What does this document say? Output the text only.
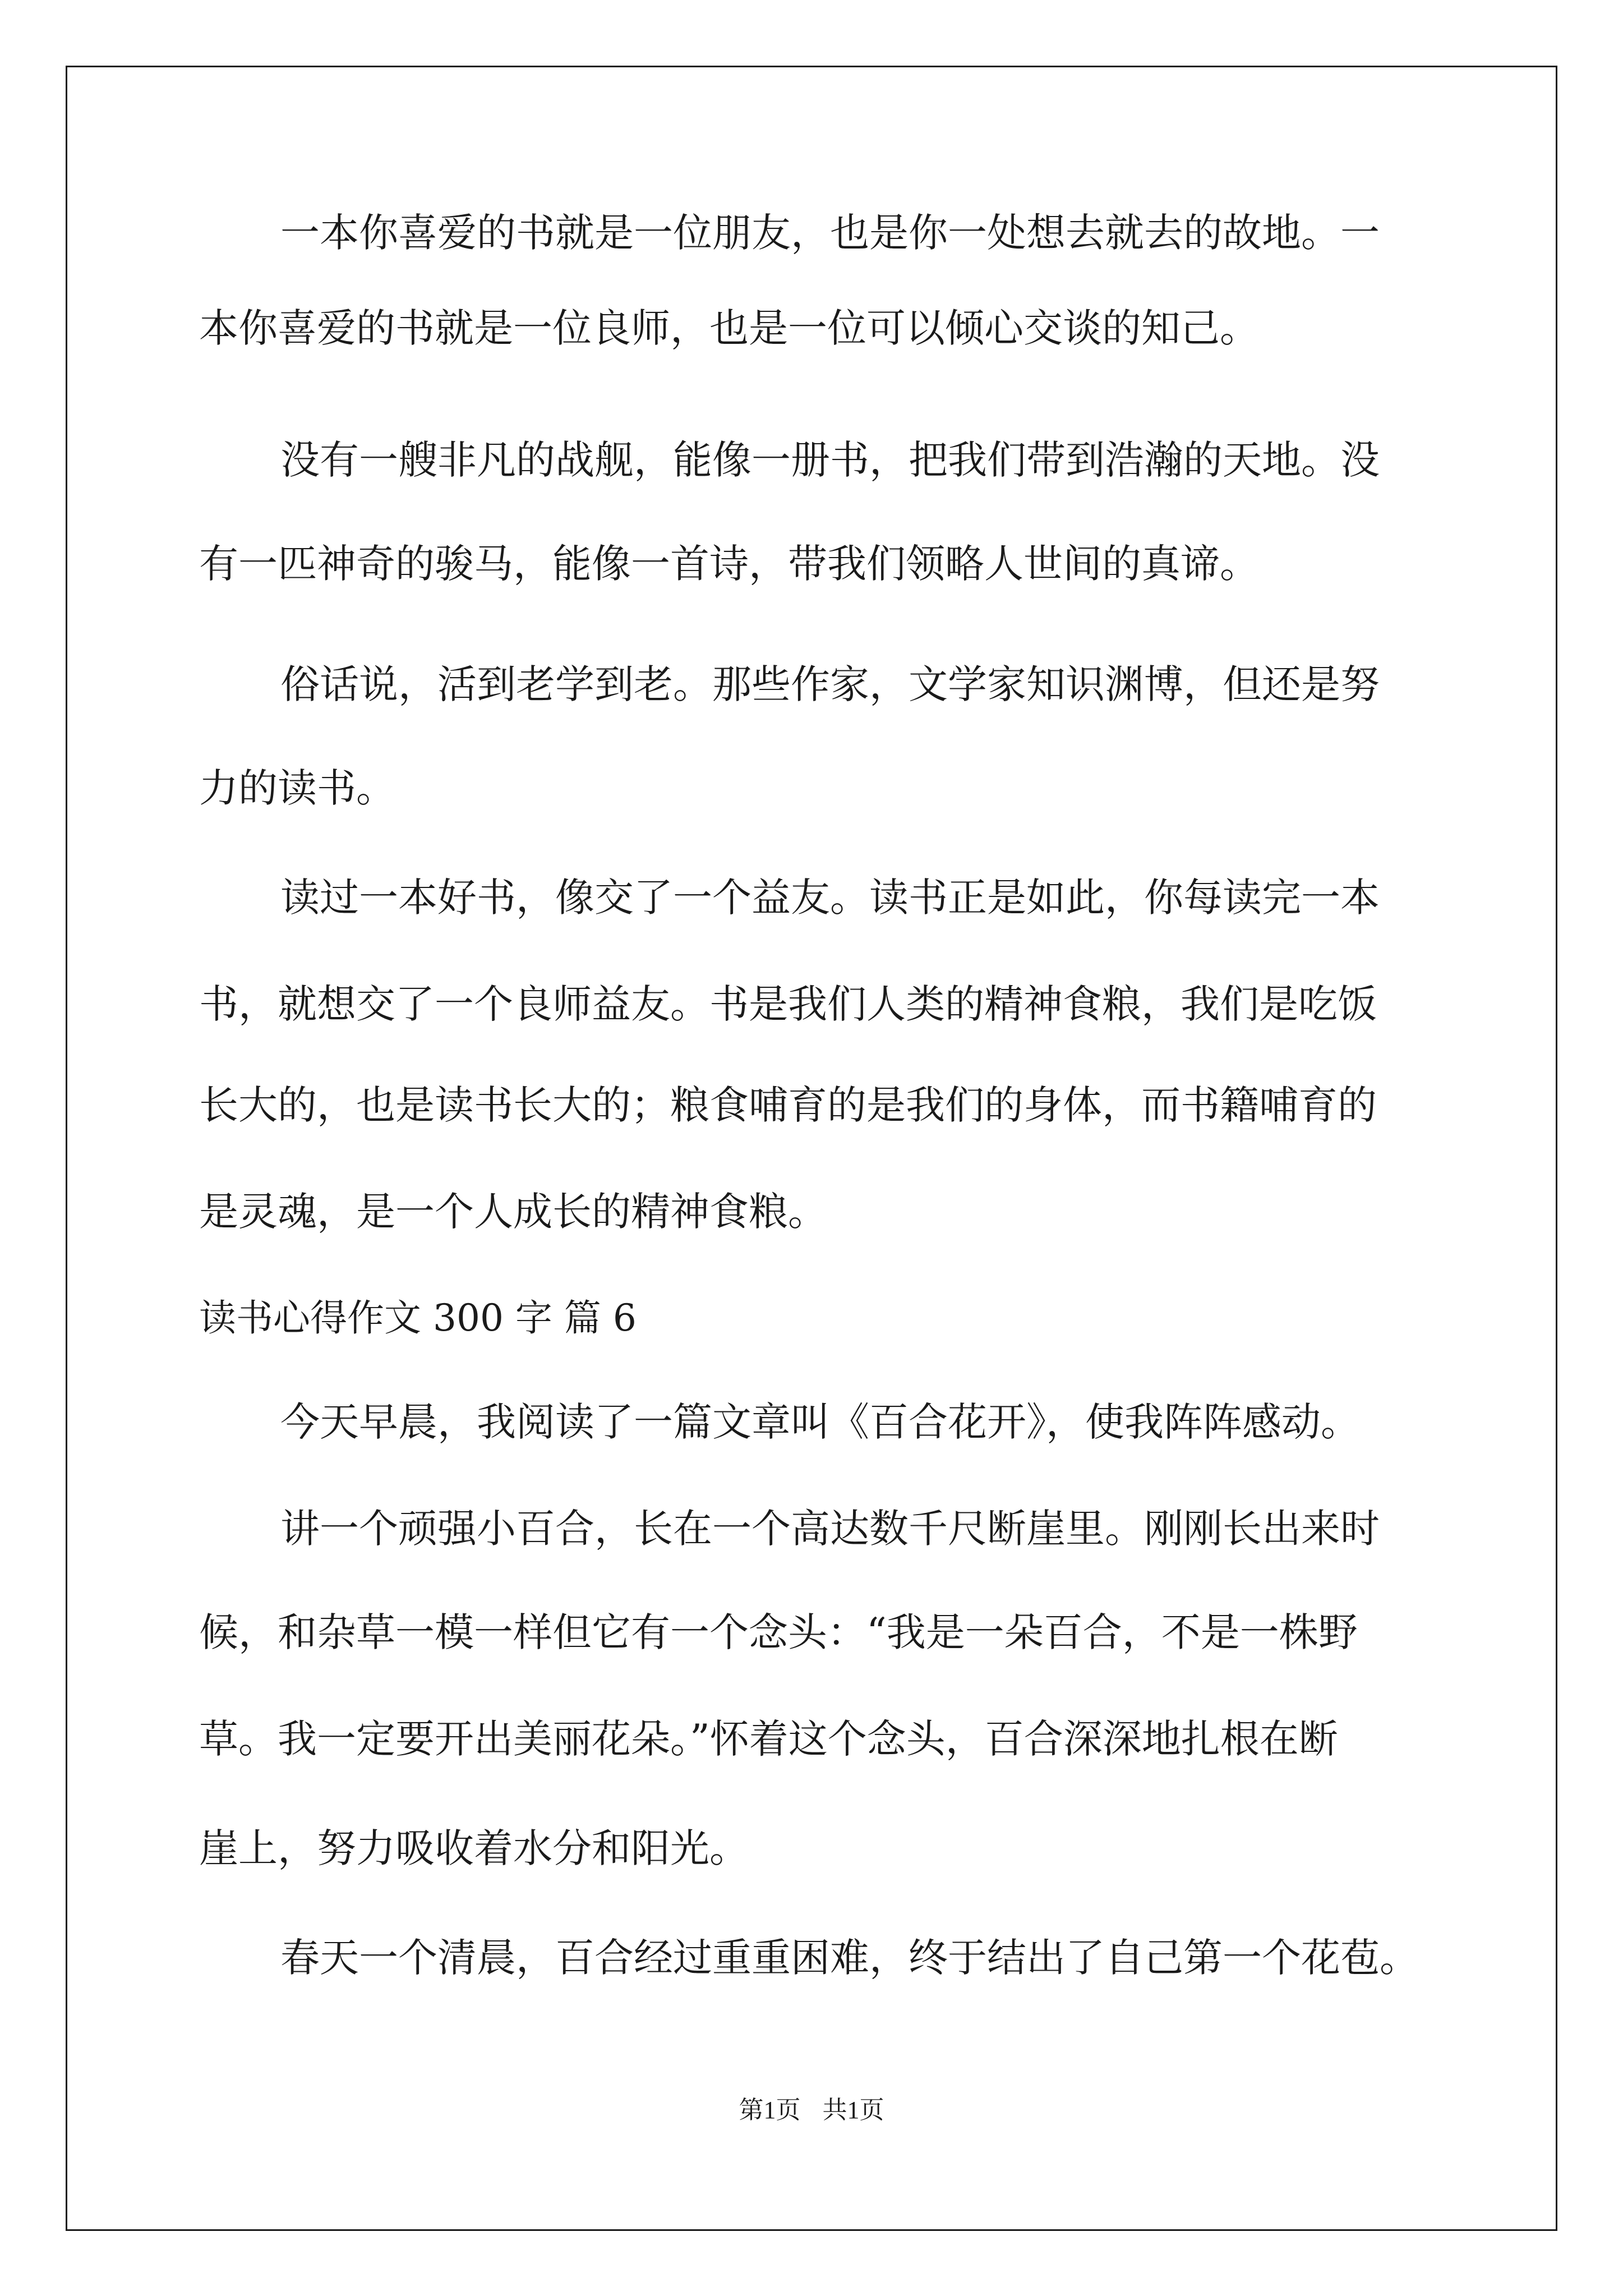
一本你喜爱的书就是一位朋友，也是你一处想去就去的故地。一

本你喜爱的书就是一位良师，也是一位可以倾心交谈的知己。

没有一艘非凡的战舰，能像一册书，把我们带到浩瀚的天地。没

有一匹神奇的骏马，能像一首诗，带我们领略人世间的真谛。

俗话说，活到老学到老。那些作家，文学家知识渊博，但还是努

力的读书。

读过一本好书，像交了一个益友。读书正是如此，你每读完一本

书，就想交了一个良师益友。书是我们人类的精神食粮，我们是吃饭

长大的，也是读书长大的；粮食哺育的是我们的身体，而书籍哺育的

是灵魂，是一个人成长的精神食粮。

读书心得作文 300 字 篇 6

今天早晨，我阅读了一篇文章叫《百合花开》，使我阵阵感动。

讲一个顽强小百合，长在一个高达数千尺断崖里。刚刚长出来时

候，和杂草一模一样但它有一个念头：“我是一朵百合，不是一株野

草。我一定要开出美丽花朵。”怀着这个念头，百合深深地扎根在断

崖上，努力吸收着水分和阳光。

春天一个清晨，百合经过重重困难，终于结出了自己第一个花苞。

第1页 共1页
